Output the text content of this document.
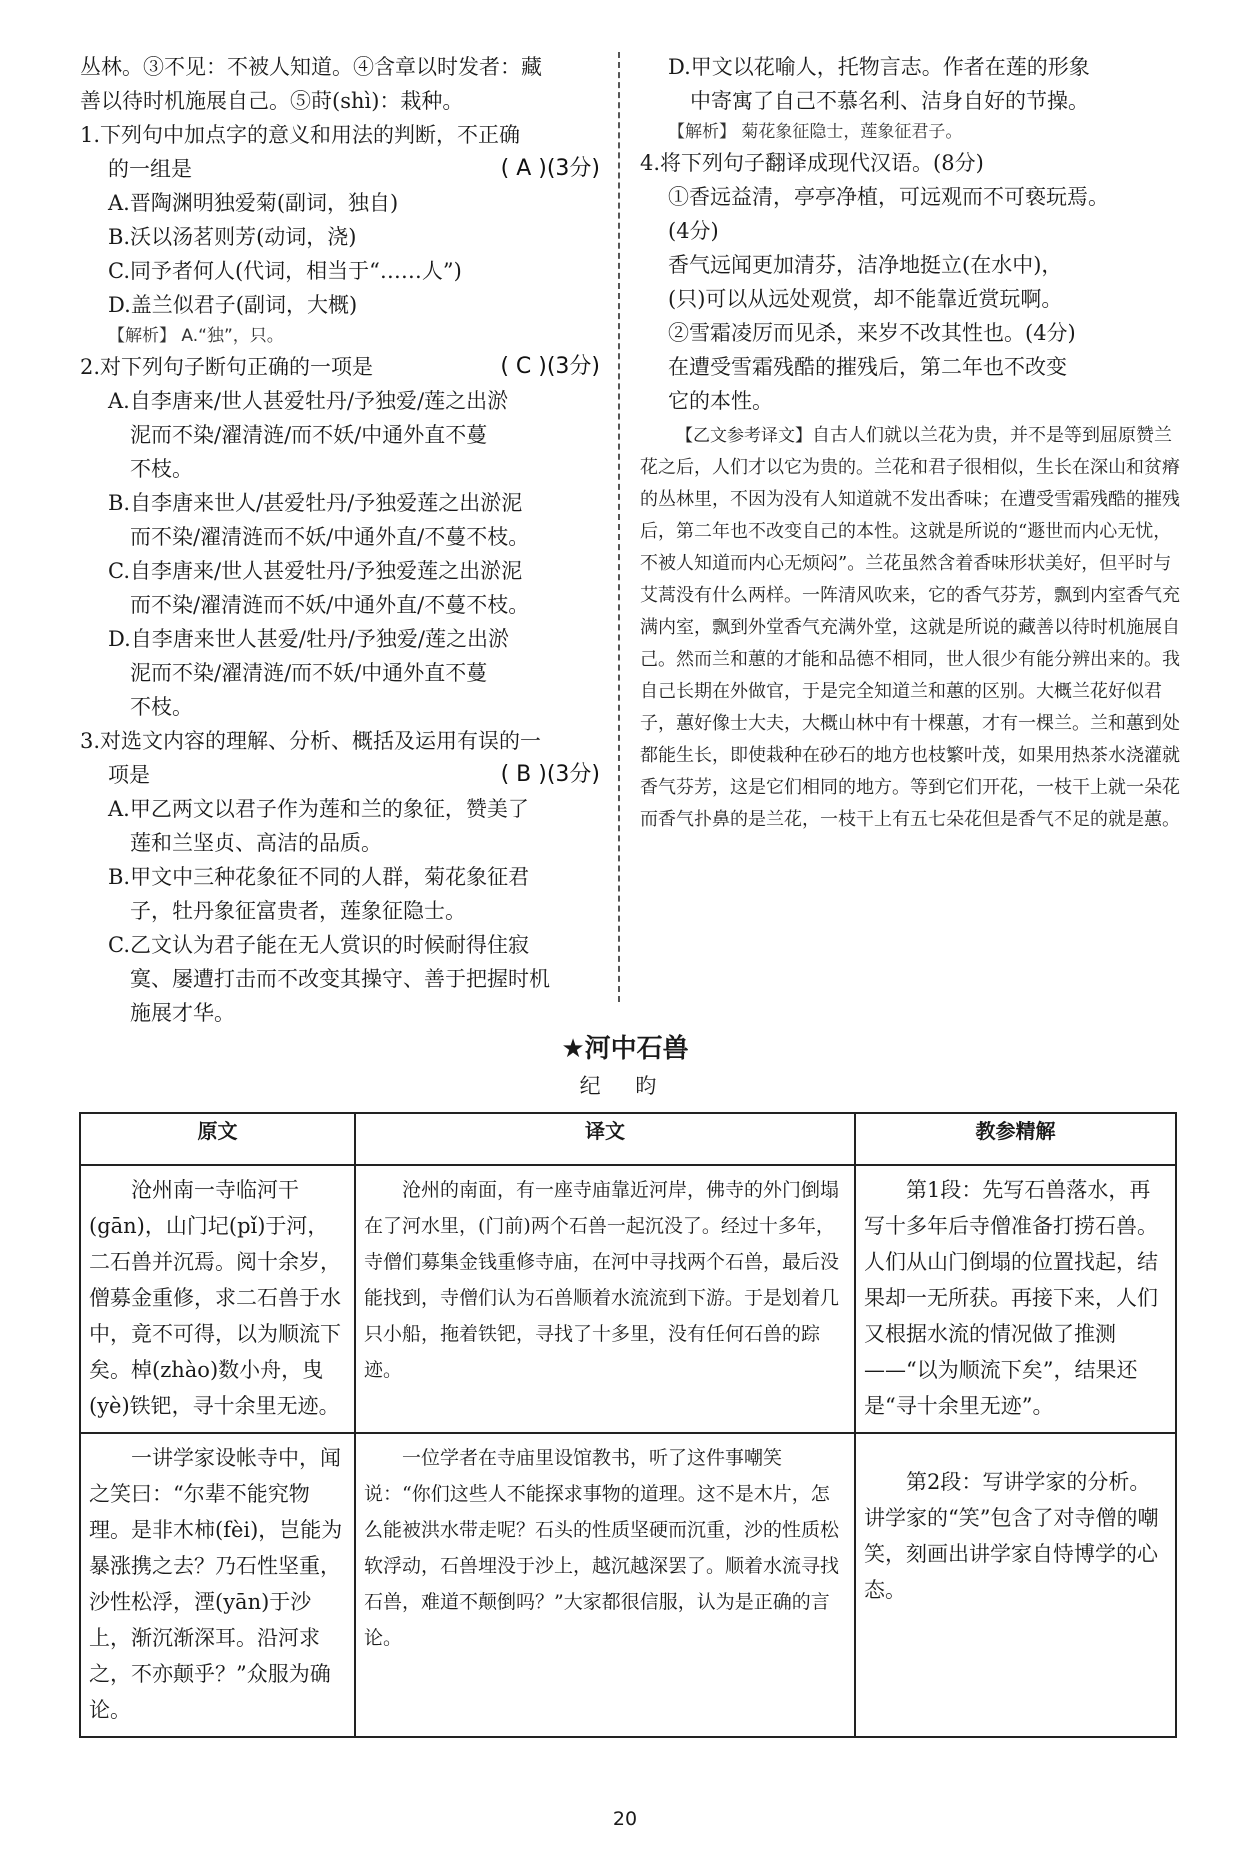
丛林。③不见：不被人知道。④含章以时发者：藏

善以待时机施展自己。⑤莳(shì)：栽种。

1.下列句中加点字的意义和用法的判断，不正确

的一组是	( A )(3分)

A.晋陶渊明独爱菊(副词，独自)

B.沃以汤茗则芳(动词，浇)

C.同予者何人(代词，相当于“……人”)

D.盖兰似君子(副词，大概)

【解析】 A.“独”，只。

2.对下列句子断句正确的一项是	( C )(3分)

A.自李唐来/世人甚爱牡丹/予独爱/莲之出淤

泥而不染/濯清涟/而不妖/中通外直不蔓

不枝。

B.自李唐来世人/甚爱牡丹/予独爱莲之出淤泥

而不染/濯清涟而不妖/中通外直/不蔓不枝。

C.自李唐来/世人甚爱牡丹/予独爱莲之出淤泥

而不染/濯清涟而不妖/中通外直/不蔓不枝。

D.自李唐来世人甚爱/牡丹/予独爱/莲之出淤

泥而不染/濯清涟/而不妖/中通外直不蔓

不枝。

3.对选文内容的理解、分析、概括及运用有误的一

项是	( B )(3分)

A.甲乙两文以君子作为莲和兰的象征，赞美了

莲和兰坚贞、高洁的品质。

B.甲文中三种花象征不同的人群，菊花象征君

子，牡丹象征富贵者，莲象征隐士。

C.乙文认为君子能在无人赏识的时候耐得住寂

寞、屡遭打击而不改变其操守、善于把握时机

施展才华。

D.甲文以花喻人，托物言志。作者在莲的形象

中寄寓了自己不慕名利、洁身自好的节操。

【解析】 菊花象征隐士，莲象征君子。

4.将下列句子翻译成现代汉语。(8分)

①香远益清，亭亭净植，可远观而不可亵玩焉。

(4分)

香气远闻更加清芬，洁净地挺立(在水中)，

(只)可以从远处观赏，却不能靠近赏玩啊。

②雪霜凌厉而见杀，来岁不改其性也。(4分)

在遭受雪霜残酷的摧残后，第二年也不改变

它的本性。

【乙文参考译文】自古人们就以兰花为贵，并不是等到屈原赞兰花之后，人们才以它为贵的。兰花和君子很相似，生长在深山和贫瘠的丛林里，不因为没有人知道就不发出香味；在遭受雪霜残酷的摧残后，第二年也不改变自己的本性。这就是所说的“遯世而内心无忧，不被人知道而内心无烦闷”。兰花虽然含着香味形状美好，但平时与艾蒿没有什么两样。一阵清风吹来，它的香气芬芳，飘到内室香气充满内室，飘到外堂香气充满外堂，这就是所说的藏善以待时机施展自己。然而兰和蕙的才能和品德不相同，世人很少有能分辨出来的。我自己长期在外做官，于是完全知道兰和蕙的区别。大概兰花好似君子，蕙好像士大夫，大概山林中有十棵蕙，才有一棵兰。兰和蕙到处都能生长，即使栽种在砂石的地方也枝繁叶茂，如果用热茶水浇灌就香气芬芳，这是它们相同的地方。等到它们开花，一枝干上就一朵花而香气扑鼻的是兰花，一枝干上有五七朵花但是香气不足的就是蕙。

★河中石兽
纪 昀
原文	译文	教参精解
沧州南一寺临河干(gān)，山门圮(pǐ)于河，二石兽并沉焉。阅十余岁，僧募金重修，求二石兽于水中，竟不可得，以为顺流下矣。棹(zhào)数小舟，曳(yè)铁钯，寻十余里无迹。	沧州的南面，有一座寺庙靠近河岸，佛寺的外门倒塌在了河水里，(门前)两个石兽一起沉没了。经过十多年，寺僧们募集金钱重修寺庙，在河中寻找两个石兽，最后没能找到，寺僧们认为石兽顺着水流流到下游。于是划着几只小船，拖着铁钯，寻找了十多里，没有任何石兽的踪迹。	第1段：先写石兽落水，再写十多年后寺僧准备打捞石兽。人们从山门倒塌的位置找起，结果却一无所获。再接下来，人们又根据水流的情况做了推测——“以为顺流下矣”，结果还是“寻十余里无迹”。
一讲学家设帐寺中，闻之笑曰：“尔辈不能究物理。是非木柿(fèi)，岂能为暴涨携之去？乃石性坚重，沙性松浮，湮(yān)于沙上，渐沉渐深耳。沿河求之，不亦颠乎？”众服为确论。	一位学者在寺庙里设馆教书，听了这件事嘲笑说：“你们这些人不能探求事物的道理。这不是木片，怎么能被洪水带走呢？石头的性质坚硬而沉重，沙的性质松软浮动，石兽埋没于沙上，越沉越深罢了。顺着水流寻找石兽，难道不颠倒吗？”大家都很信服，认为是正确的言论。	第2段：写讲学家的分析。讲学家的“笑”包含了对寺僧的嘲笑，刻画出讲学家自恃博学的心态。
20
